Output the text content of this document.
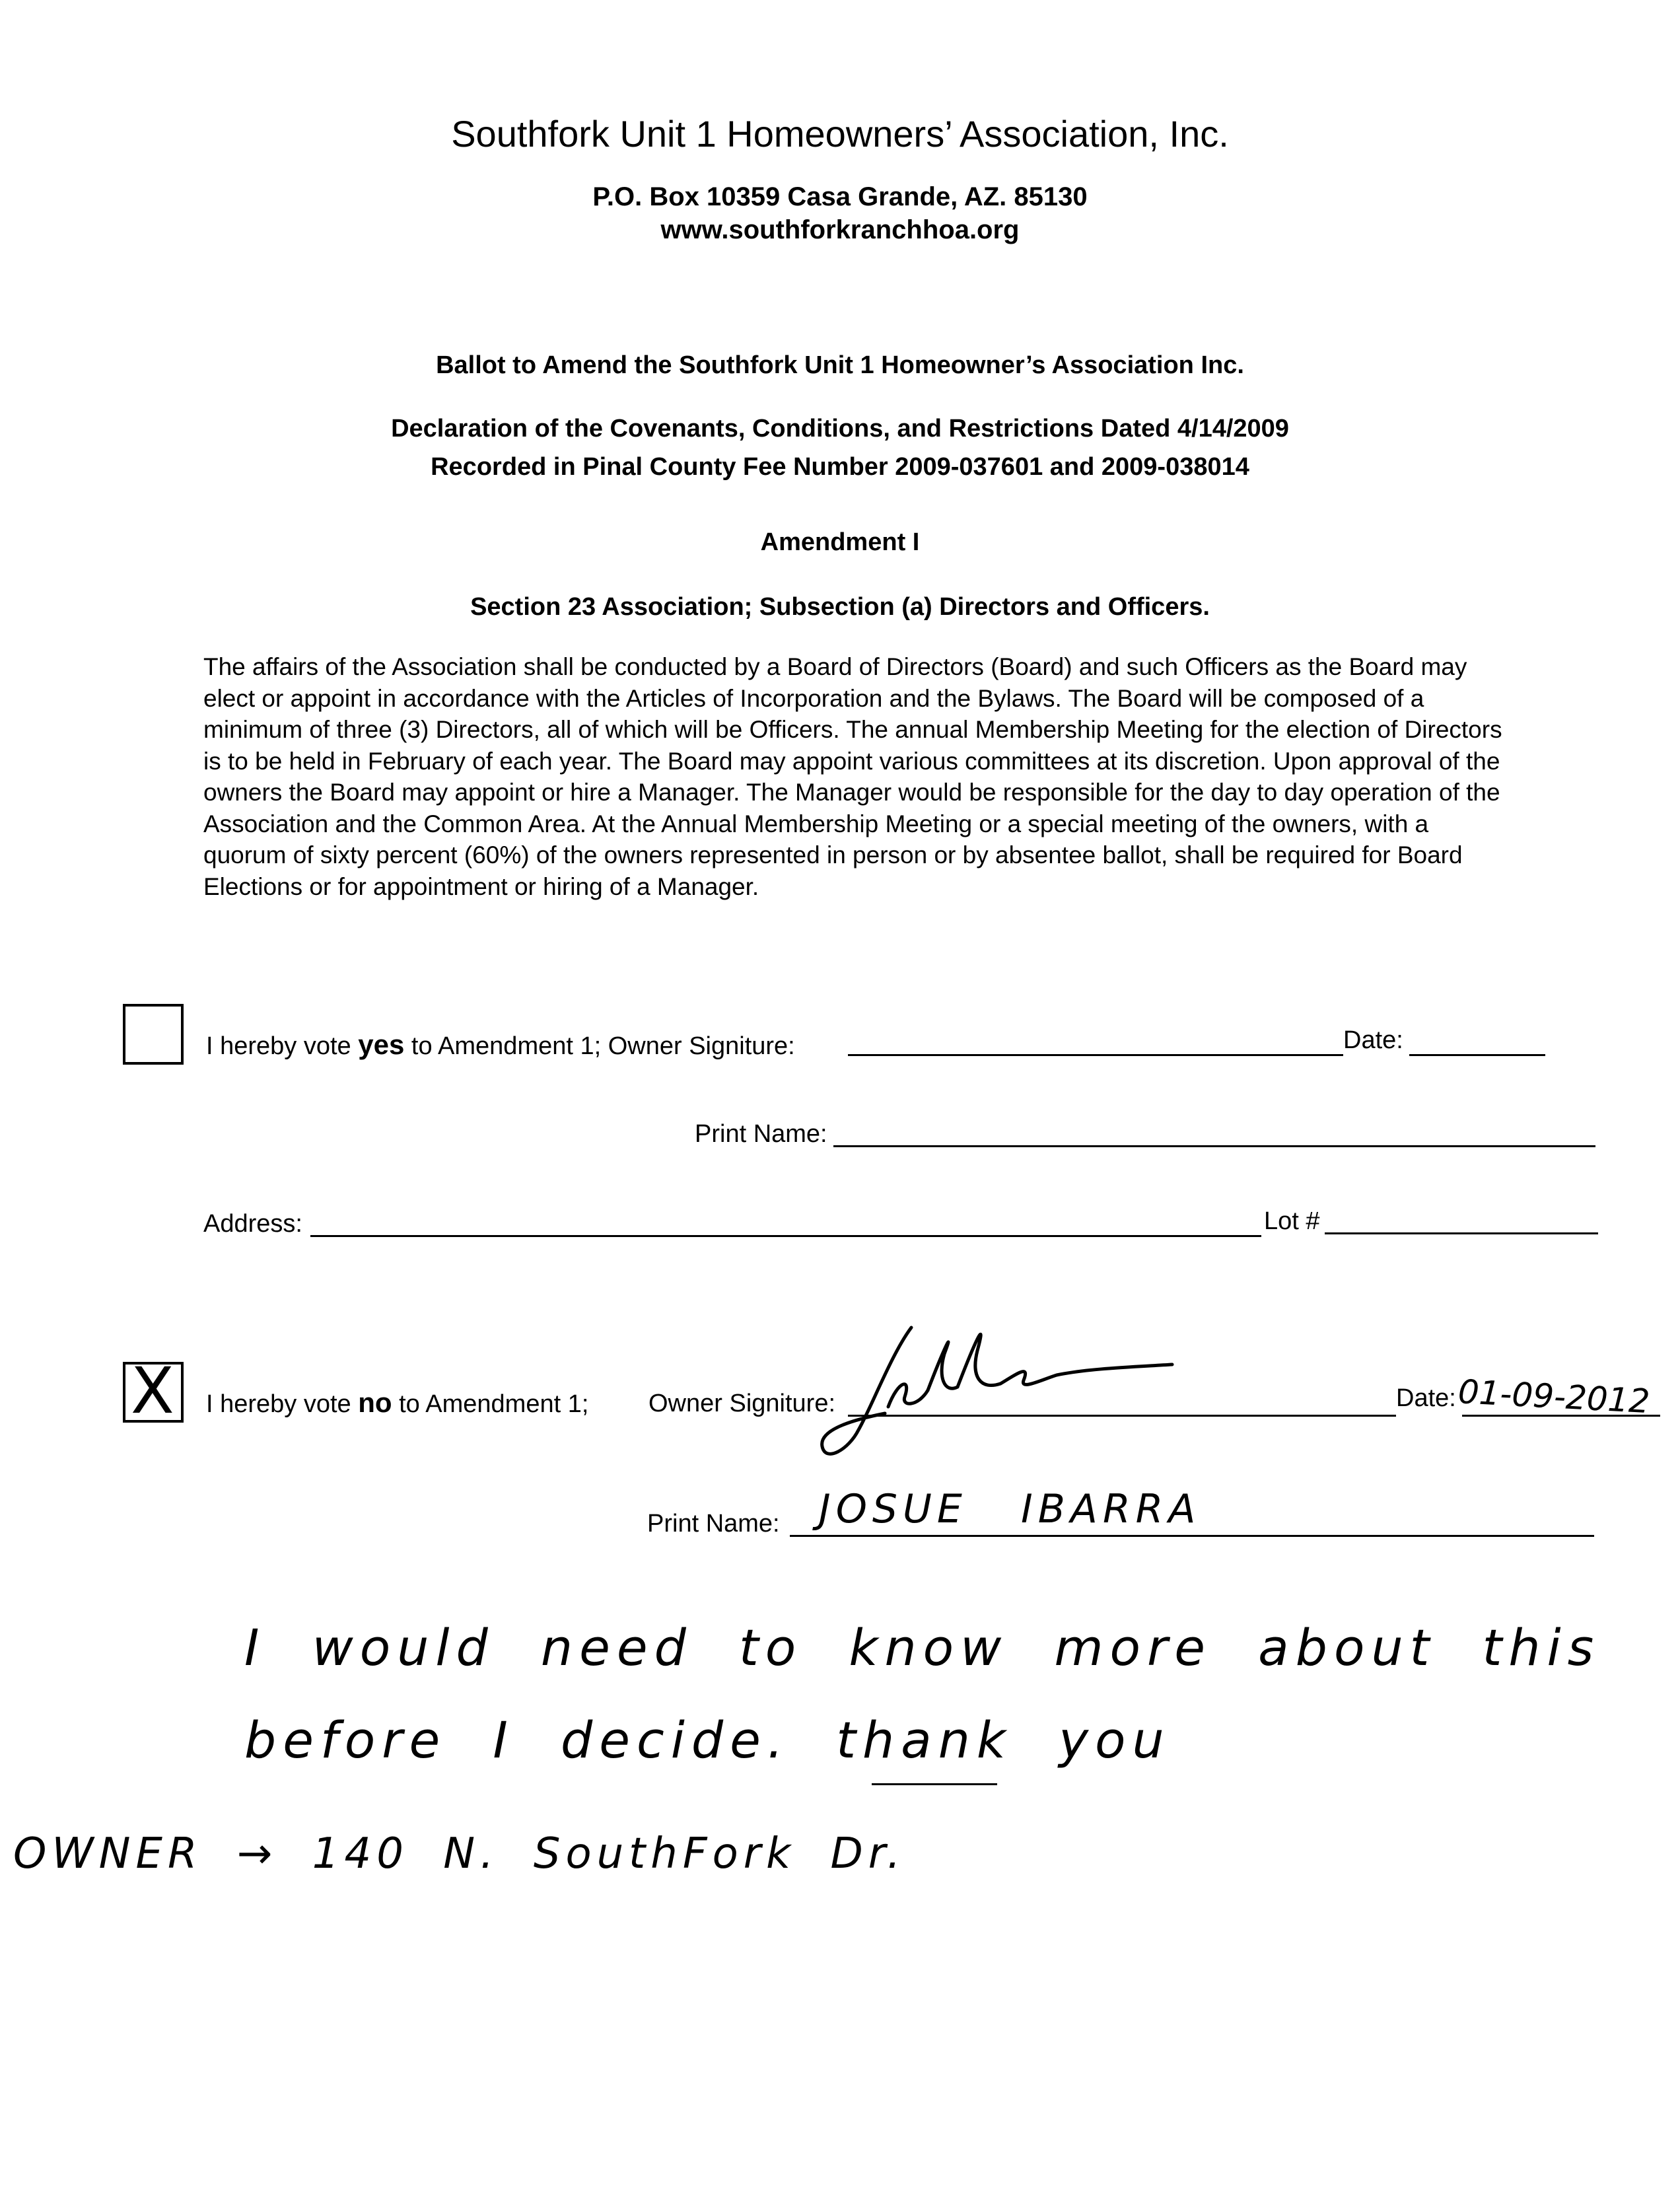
Southfork Unit 1 Homeowners’ Association, Inc.
P.O. Box 10359 Casa Grande, AZ. 85130
www.southforkranchhoa.org
Ballot to Amend the Southfork Unit 1 Homeowner’s Association Inc.
Declaration of the Covenants, Conditions, and Restrictions Dated 4/14/2009
Recorded in Pinal County Fee Number 2009-037601 and 2009-038014
Amendment I
Section 23 Association; Subsection (a) Directors and Officers.
The affairs of the Association shall be conducted by a Board of Directors (Board) and such Officers as the Board may elect or appoint in accordance with the Articles of Incorporation and the Bylaws. The Board will be composed of a minimum of three (3) Directors, all of which will be Officers. The annual Membership Meeting for the election of Directors is to be held in February of each year. The Board may appoint various committees at its discretion. Upon approval of the owners the Board may appoint or hire a Manager. The Manager would be responsible for the day to day operation of the Association and the Common Area. At the Annual Membership Meeting or a special meeting of the owners, with a quorum of sixty percent (60%) of the owners represented in person or by absentee ballot, shall be required for Board Elections or for appointment or hiring of a Manager.
I hereby vote yes to Amendment 1; Owner Signiture:	Date:
Print Name:
Address:	Lot #
X I hereby vote no to Amendment 1; Owner Signiture:	Date: 01-09-2012
Print Name: JOSUE   IBARRA
I would need to know more about this
before I decide. thank you
OWNER → 140 N. SouthFork Dr.
